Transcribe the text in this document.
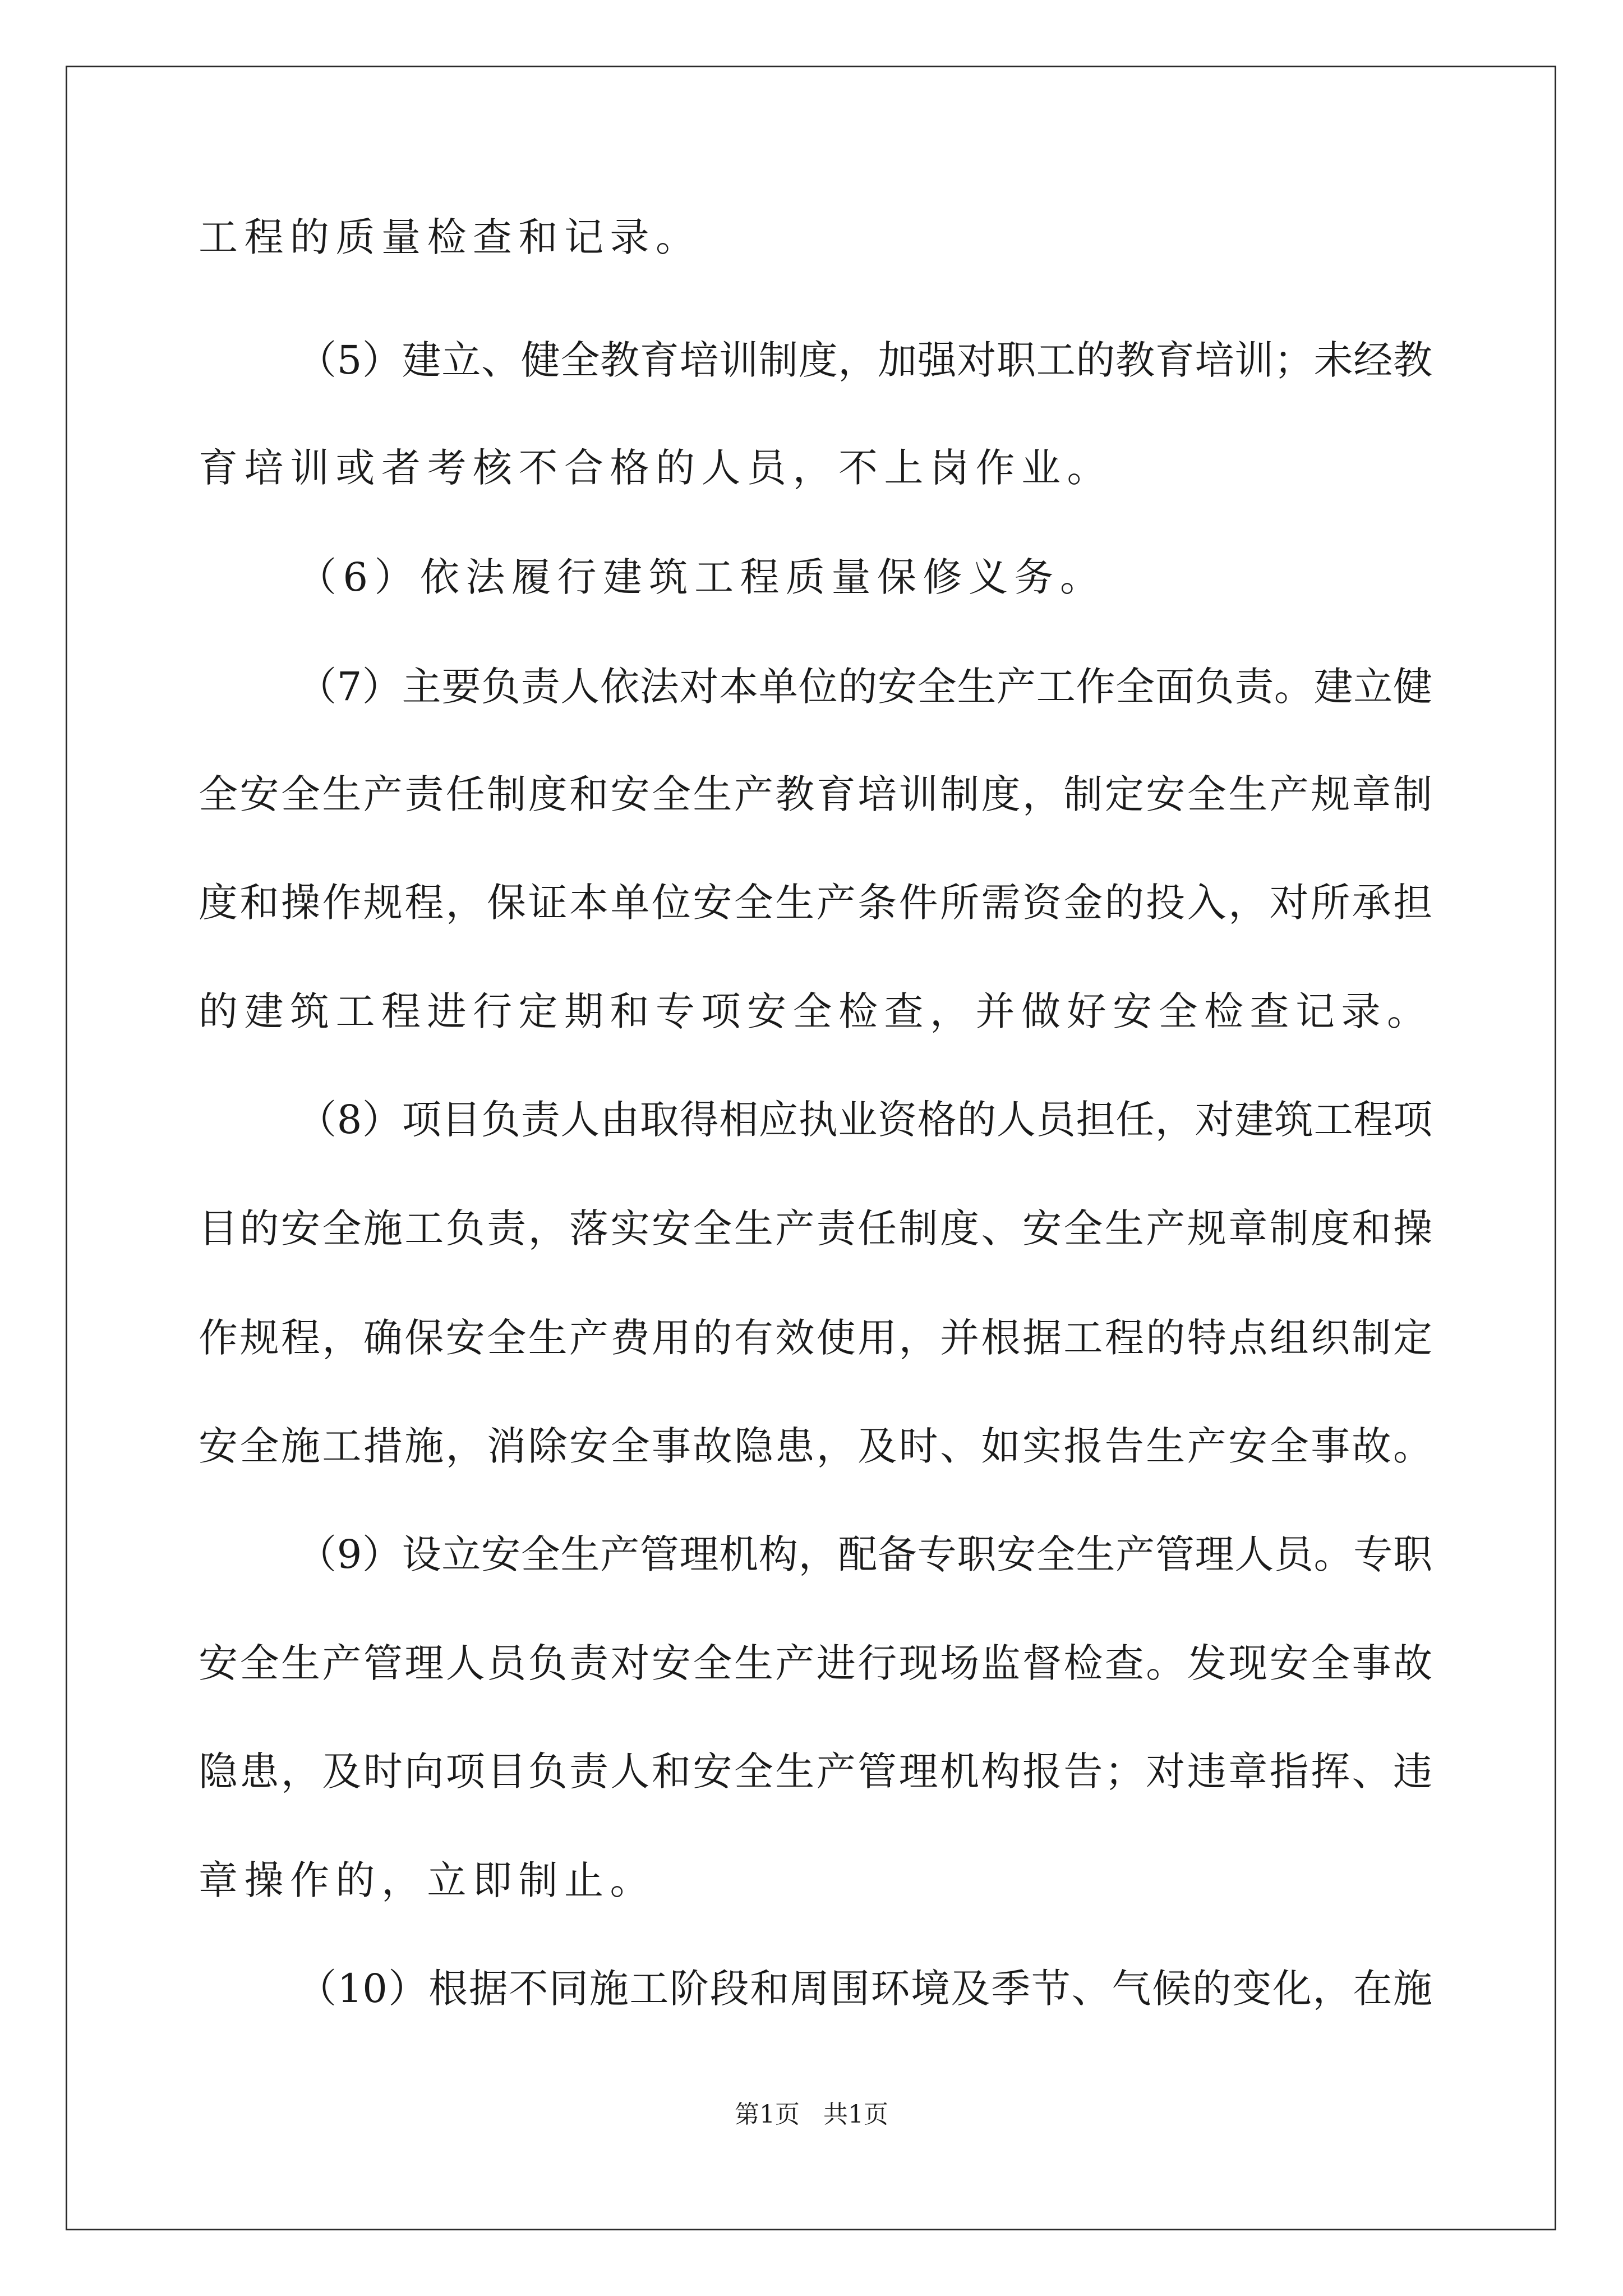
工程的质量检查和记录。

（5）建立、健全教育培训制度，加强对职工的教育培训；未经教

育培训或者考核不合格的人员，不上岗作业。

（6）依法履行建筑工程质量保修义务。

（7）主要负责人依法对本单位的安全生产工作全面负责。建立健

全安全生产责任制度和安全生产教育培训制度，制定安全生产规章制

度和操作规程，保证本单位安全生产条件所需资金的投入，对所承担

的建筑工程进行定期和专项安全检查，并做好安全检查记录。

（8）项目负责人由取得相应执业资格的人员担任，对建筑工程项

目的安全施工负责，落实安全生产责任制度、安全生产规章制度和操

作规程，确保安全生产费用的有效使用，并根据工程的特点组织制定

安全施工措施，消除安全事故隐患，及时、如实报告生产安全事故。

（9）设立安全生产管理机构，配备专职安全生产管理人员。专职

安全生产管理人员负责对安全生产进行现场监督检查。发现安全事故

隐患，及时向项目负责人和安全生产管理机构报告；对违章指挥、违

章操作的，立即制止。

（10）根据不同施工阶段和周围环境及季节、气候的变化，在施

第1页 共1页
